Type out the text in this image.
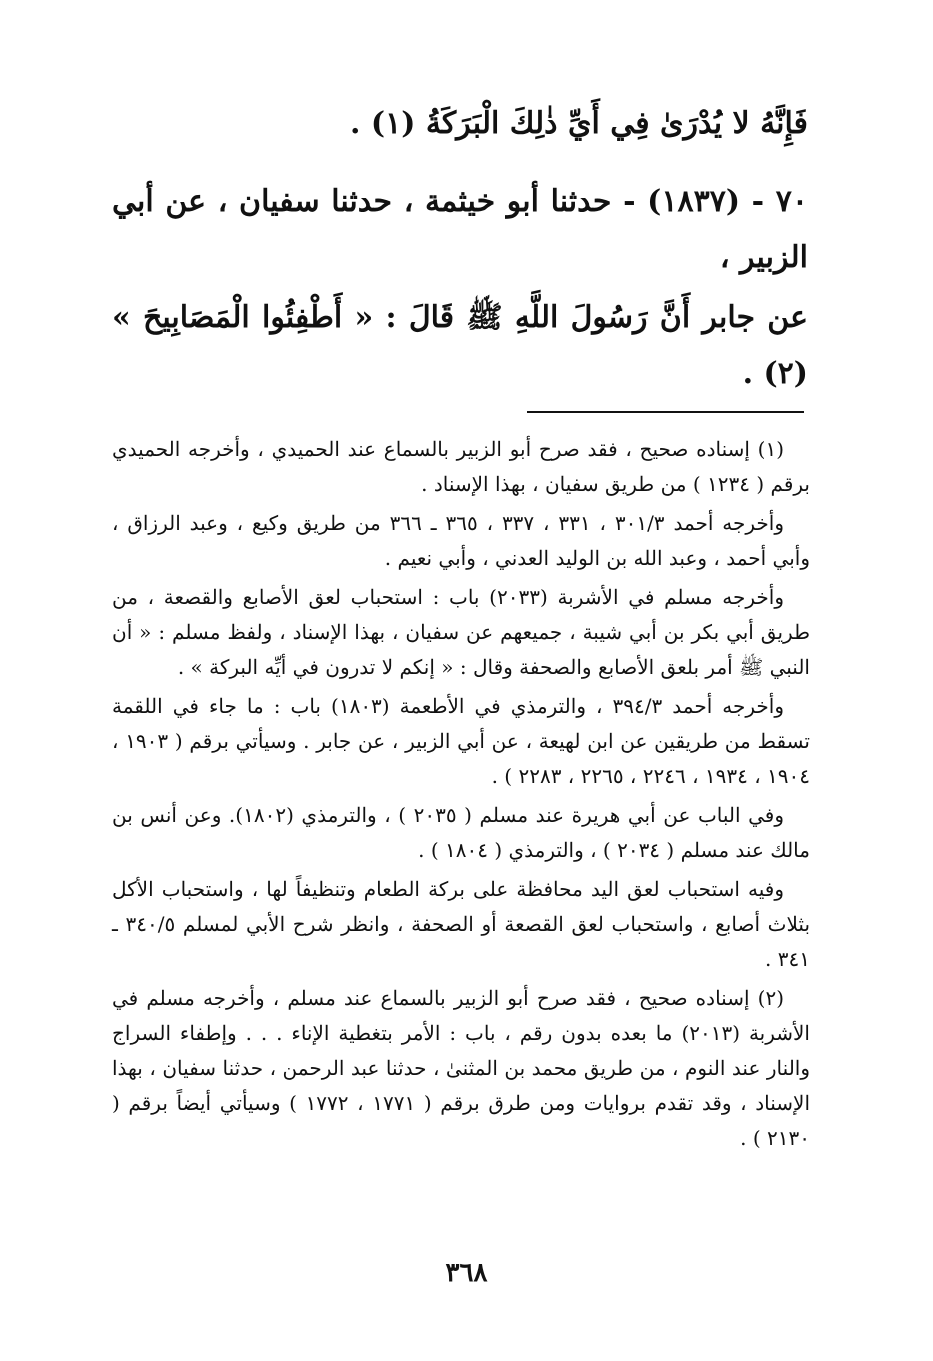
فَإِنَّهُ لا يُدْرَىٰ فِي أَيِّ ذٰلِكَ الْبَرَكَةُ (١) .

٧٠ - (١٨٣٧) - حدثنا أبو خيثمة ، حدثنا سفيان ، عن أبي الزبير ،

عن جابر أَنَّ رَسُولَ اللَّهِ ﷺ قَالَ : « أَطْفِئُوا الْمَصَابِيحَ » (٢) .

(١) إسناده صحيح ، فقد صرح أبو الزبير بالسماع عند الحميدي ، وأخرجه الحميدي برقم ( ١٢٣٤ ) من طريق سفيان ، بهذا الإسناد .

وأخرجه أحمد ٣٠١/٣ ، ٣٣١ ، ٣٣٧ ، ٣٦٥ ـ ٣٦٦ من طريق وكيع ، وعبد الرزاق ، وأبي أحمد ، وعبد الله بن الوليد العدني ، وأبي نعيم .

وأخرجه مسلم في الأشربة (٢٠٣٣) باب : استحباب لعق الأصابع والقصعة ، من طريق أبي بكر بن أبي شيبة ، جميعهم عن سفيان ، بهذا الإسناد ، ولفظ مسلم : « أن النبي ﷺ أمر بلعق الأصابع والصحفة وقال : « إنكم لا تدرون في أيِّه البركة » .

وأخرجه أحمد ٣٩٤/٣ ، والترمذي في الأطعمة (١٨٠٣) باب : ما جاء في اللقمة تسقط من طريقين عن ابن لهيعة ، عن أبي الزبير ، عن جابر . وسيأتي برقم ( ١٩٠٣ ، ١٩٠٤ ، ١٩٣٤ ، ٢٢٤٦ ، ٢٢٦٥ ، ٢٢٨٣ ) .

وفي الباب عن أبي هريرة عند مسلم ( ٢٠٣٥ ) ، والترمذي (١٨٠٢). وعن أنس بن مالك عند مسلم ( ٢٠٣٤ ) ، والترمذي ( ١٨٠٤ ) .

وفيه استحباب لعق اليد محافظة على بركة الطعام وتنظيفاً لها ، واستحباب الأكل بثلاث أصابع ، واستحباب لعق القصعة أو الصحفة ، وانظر شرح الأبي لمسلم ٣٤٠/٥ ـ ٣٤١ .

(٢) إسناده صحيح ، فقد صرح أبو الزبير بالسماع عند مسلم ، وأخرجه مسلم في الأشربة (٢٠١٣) ما بعده بدون رقم ، باب : الأمر بتغطية الإناء . . . وإطفاء السراج والنار عند النوم ، من طريق محمد بن المثنىٰ ، حدثنا عبد الرحمن ، حدثنا سفيان ، بهذا الإسناد ، وقد تقدم بروايات ومن طرق برقم ( ١٧٧١ ، ١٧٧٢ ) وسيأتي أيضاً برقم ( ٢١٣٠ ) .

٣٦٨
